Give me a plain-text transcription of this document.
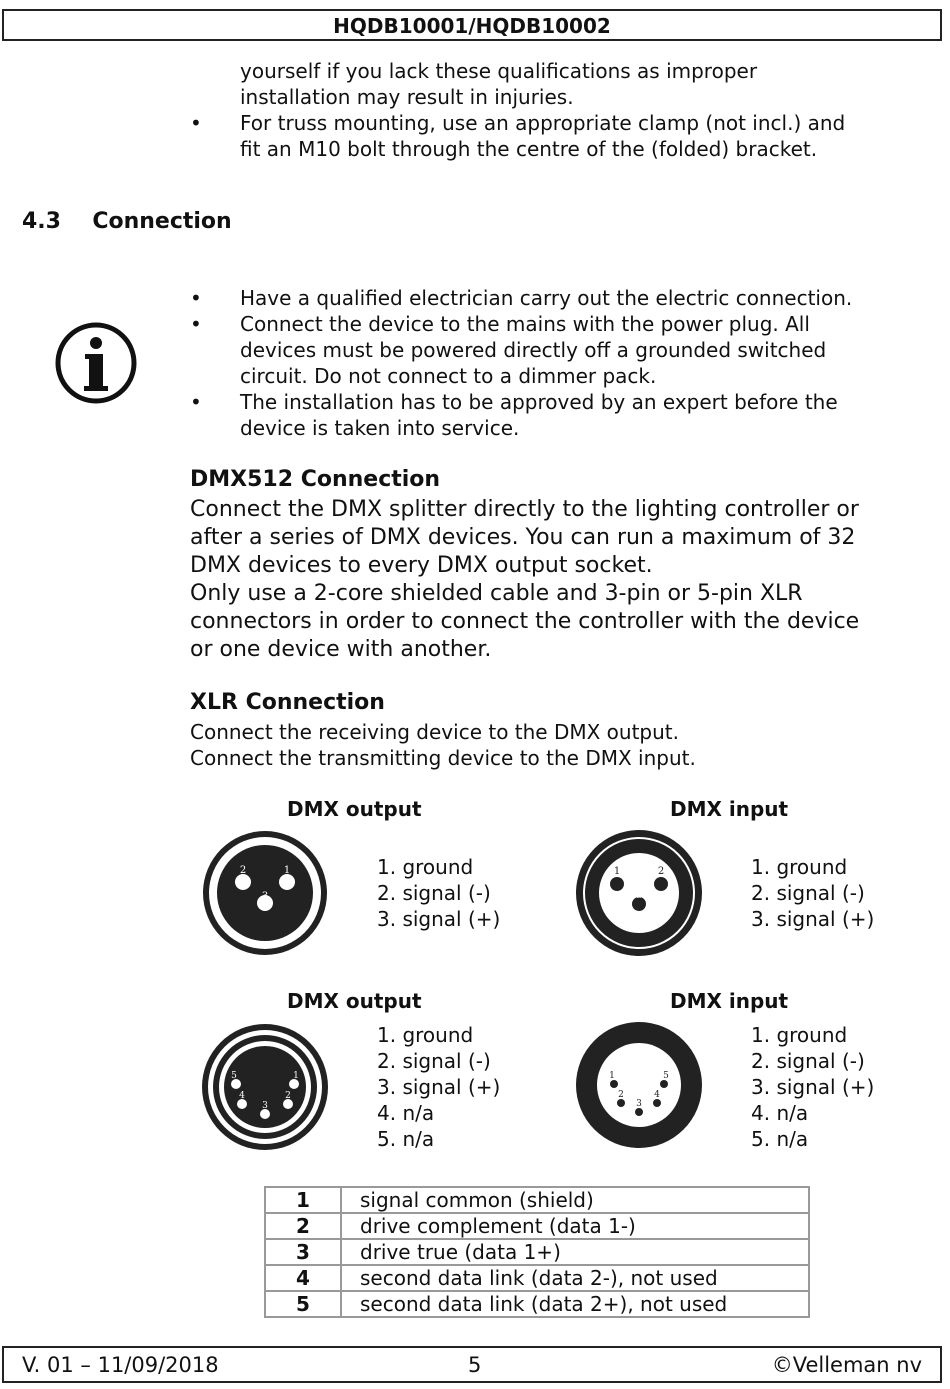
HQDB10001/HQDB10002
yourself if you lack these qualifications as improper
installation may result in injuries.
• For truss mounting, use an appropriate clamp (not incl.) and
fit an M10 bolt through the centre of the (folded) bracket.
4.3 Connection
• Have a qualified electrician carry out the electric connection.
• Connect the device to the mains with the power plug. All
devices must be powered directly off a grounded switched
circuit. Do not connect to a dimmer pack.
• The installation has to be approved by an expert before the
device is taken into service.
DMX512 Connection
Connect the DMX splitter directly to the lighting controller or
after a series of DMX devices. You can run a maximum of 32
DMX devices to every DMX output socket.
Only use a 2-core shielded cable and 3-pin or 5-pin XLR
connectors in order to connect the controller with the device
or one device with another.
XLR Connection
Connect the receiving device to the DMX output.
Connect the transmitting device to the DMX input.
DMX output	DMX input
2	1
3
1. ground
2. signal (-)
3. signal (+)
1	2
3
1. ground
2. signal (-)
3. signal (+)
DMX output	DMX input
5	1
4
3
2
1. ground
2. signal (-)
3. signal (+)
4. n/a
5. n/a
1	5
2
3
4
1. ground
2. signal (-)
3. signal (+)
4. n/a
5. n/a
1	signal common (shield)
2	drive complement (data 1-)
3	drive true (data 1+)
4	second data link (data 2-), not used
5	second data link (data 2+), not used
V. 01 – 11/09/2018	5	©Velleman nv
